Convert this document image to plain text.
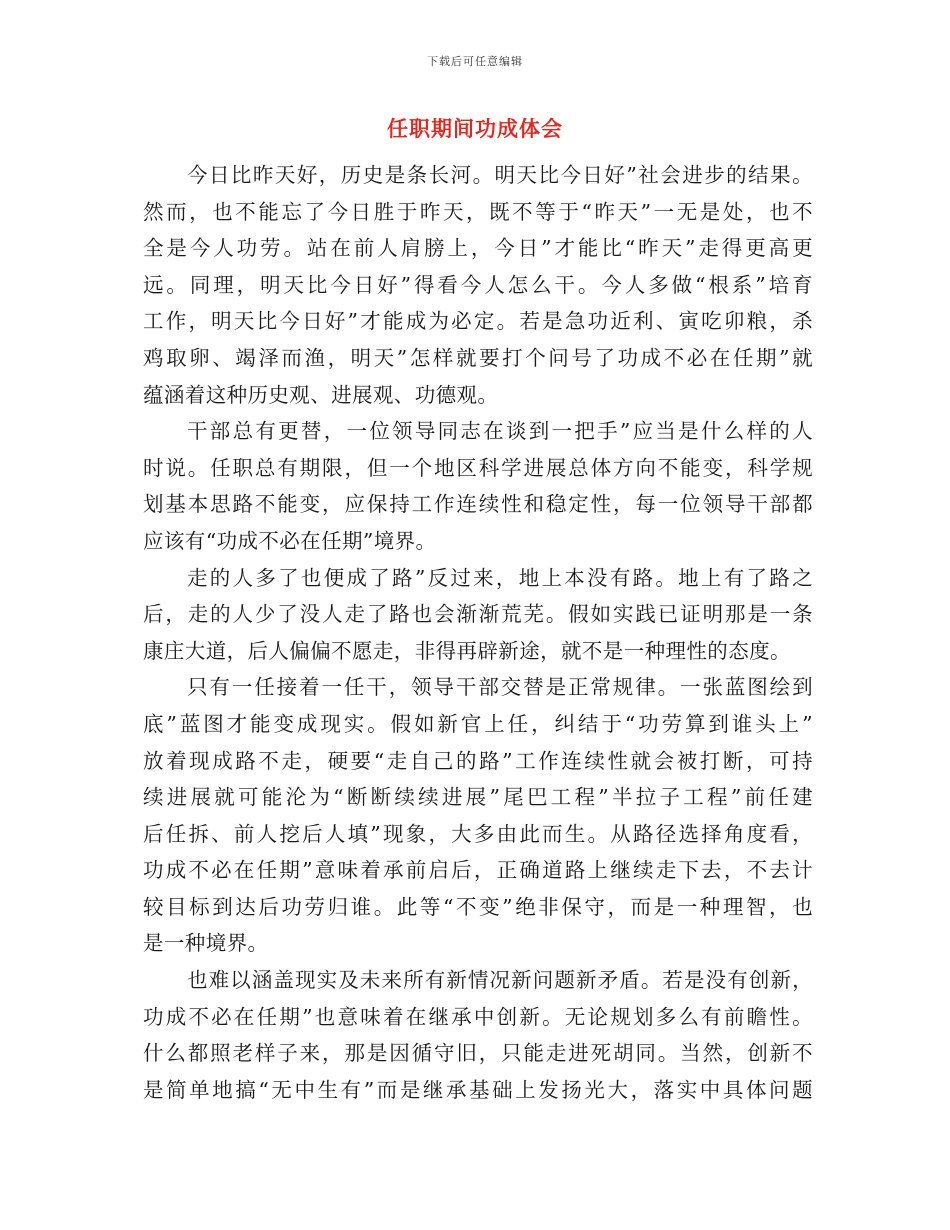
下载后可任意编辑
任职期间功成体会
今日比昨天好，历史是条长河。明天比今日好”社会进步的结果。
然而，也不能忘了今日胜于昨天，既不等于“昨天”一无是处，也不
全是今人功劳。站在前人肩膀上，今日”才能比“昨天”走得更高更
远。同理，明天比今日好”得看今人怎么干。今人多做“根系”培育
工作，明天比今日好”才能成为必定。若是急功近利、寅吃卯粮，杀
鸡取卵、竭泽而渔，明天”怎样就要打个问号了功成不必在任期”就
蕴涵着这种历史观、进展观、功德观。
干部总有更替，一位领导同志在谈到一把手”应当是什么样的人
时说。任职总有期限，但一个地区科学进展总体方向不能变，科学规
划基本思路不能变，应保持工作连续性和稳定性，每一位领导干部都
应该有“功成不必在任期”境界。
走的人多了也便成了路”反过来，地上本没有路。地上有了路之
后，走的人少了没人走了路也会渐渐荒芜。假如实践已证明那是一条
康庄大道，后人偏偏不愿走，非得再辟新途，就不是一种理性的态度。
只有一任接着一任干，领导干部交替是正常规律。一张蓝图绘到
底”蓝图才能变成现实。假如新官上任，纠结于“功劳算到谁头上”
放着现成路不走，硬要“走自己的路”工作连续性就会被打断，可持
续进展就可能沦为“断断续续进展”尾巴工程”半拉子工程”前任建
后任拆、前人挖后人填”现象，大多由此而生。从路径选择角度看，
功成不必在任期”意味着承前启后，正确道路上继续走下去，不去计
较目标到达后功劳归谁。此等“不变”绝非保守，而是一种理智，也
是一种境界。
也难以涵盖现实及未来所有新情况新问题新矛盾。若是没有创新，
功成不必在任期”也意味着在继承中创新。无论规划多么有前瞻性。
什么都照老样子来，那是因循守旧，只能走进死胡同。当然，创新不
是简单地搞“无中生有”而是继承基础上发扬光大，落实中具体问题
